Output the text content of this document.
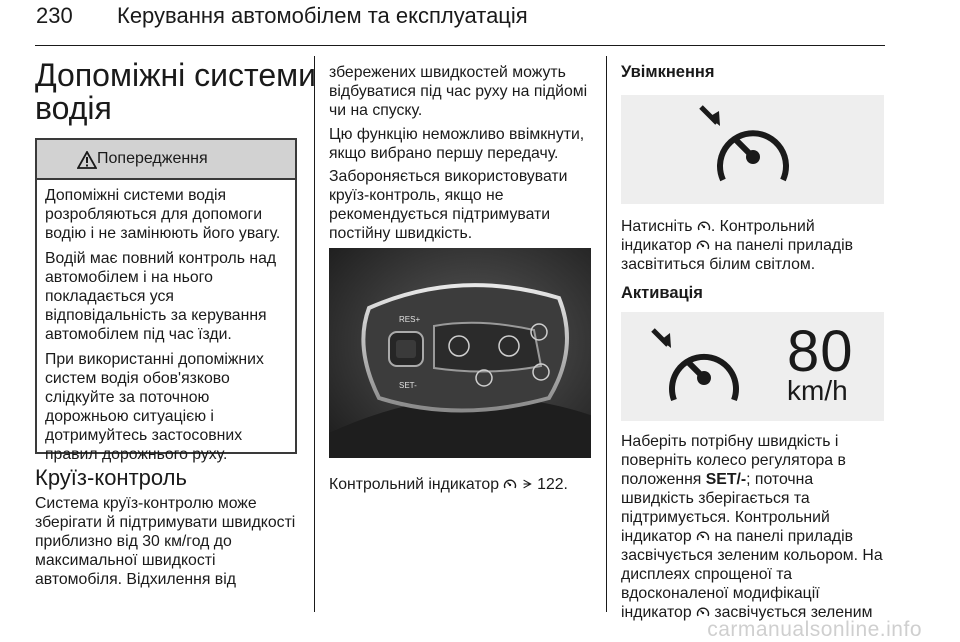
230 Керування автомобілем та експлуатація
Допоміжні системи
водія
Попередження

Допоміжні системи водія
розробляються для допомоги
водію і не замінюють його увагу.

Водій має повний контроль над
автомобілем і на нього
покладається уся
відповідальність за керування
автомобілем під час їзди.

При використанні допоміжних
систем водія обов'язково
слідкуйте за поточною
дорожньою ситуацією і
дотримуйтесь застосовних
правил дорожнього руху.

Круїз-контроль
Система круїз-контролю може
зберігати й підтримувати швидкості
приблизно від 30 км/год до
максимальної швидкості
автомобіля. Відхилення від
збережених швидкостей можуть
відбуватися під час руху на підйомі
чи на спуску.
Цю функцію неможливо ввімкнути,
якщо вибрано першу передачу.
Забороняється використовувати
круїз-контроль, якщо не
рекомендується підтримувати
постійну швидкість.
RES+
SET-
Контрольний індикатор 122.
Увімкнення
Натисніть . Контрольний
індикатор на панелі приладів
засвітиться білим світлом.
Активація
80
km/h
Наберіть потрібну швидкість і
поверніть колесо регулятора в
положення SET/-; поточна
швидкість зберігається та
підтримується. Контрольний
індикатор на панелі приладів
засвічується зеленим кольором. На
дисплеях спрощеної та
вдосконаленої модифікації
індикатор засвічується зеленим
carmanualsonline.info
